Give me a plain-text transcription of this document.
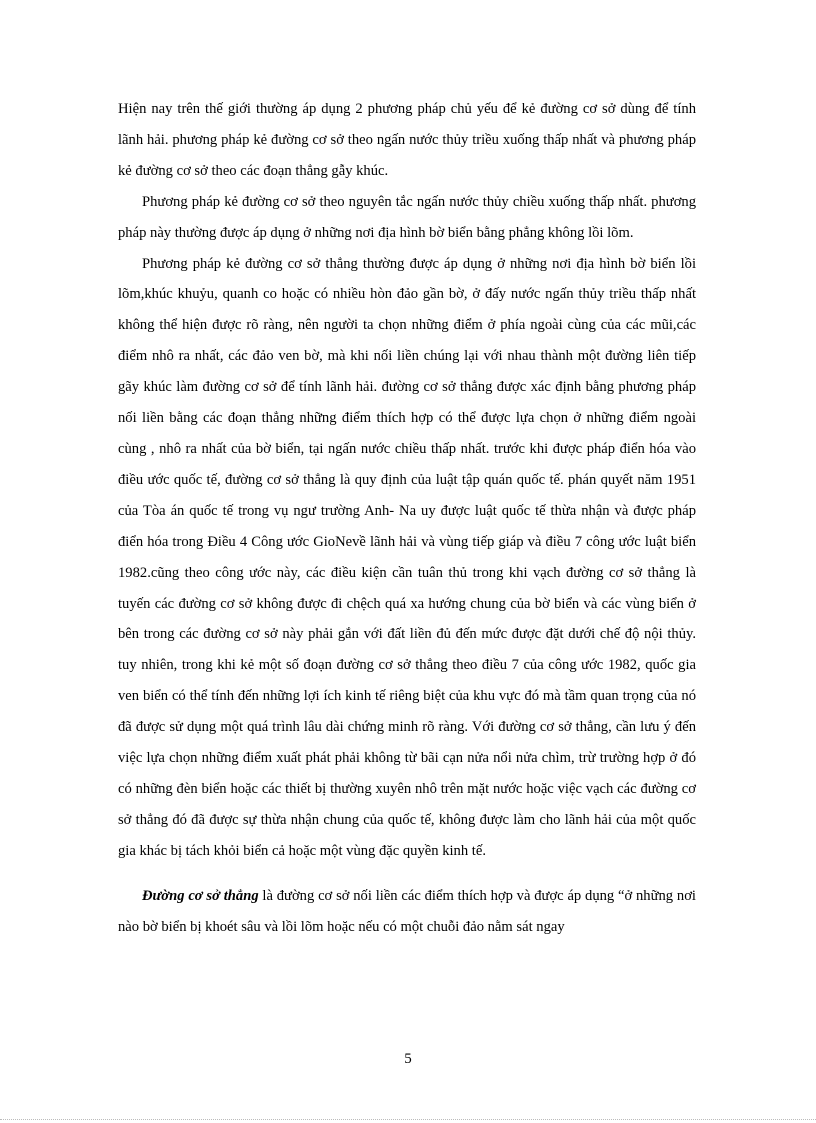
Hiện nay trên thế giới thường áp dụng 2 phương pháp chủ yếu để kẻ đường cơ sở dùng để tính lãnh hải. phương pháp kẻ đường cơ sở theo ngấn nước thủy triều xuống thấp nhất và phương pháp kẻ đường cơ sở theo các đoạn thẳng gẫy khúc.

Phương pháp kẻ đường cơ sở theo nguyên tắc ngấn nước thủy chiều xuống thấp nhất. phương pháp này thường được áp dụng ở những nơi địa hình bờ biển bằng phẳng không lồi lõm.

Phương pháp kẻ đường cơ sở thẳng thường được áp dụng ở những nơi địa hình bờ biển lồi lõm,khúc khuỷu, quanh co hoặc có nhiều hòn đảo gần bờ, ở đấy nước ngấn thủy triều thấp nhất không thể hiện được rõ ràng, nên người ta chọn những điểm ở phía ngoài cùng của các mũi,các điểm nhô ra nhất, các đảo ven bờ, mà khi nối liền chúng lại với nhau thành một đường liên tiếp gãy khúc làm đường cơ sở để tính lãnh hải. đường cơ sở thẳng được xác định bằng phương pháp nối liền bằng các đoạn thẳng những điểm thích hợp có thể được lựa chọn ở những điểm ngoài cùng , nhô ra nhất của bờ biển, tại ngấn nước chiều thấp nhất. trước khi được pháp điển hóa vào điều ước quốc tế, đường cơ sở thẳng là quy định của luật tập quán quốc tế. phán quyết năm 1951 của Tòa án quốc tế trong vụ ngư trường Anh- Na uy được luật quốc tế thừa nhận và được pháp điển hóa trong Điều 4 Công ước GioNevề lãnh hải và vùng tiếp giáp và điều 7 công ước luật biển 1982.cũng theo công ước này, các điều kiện cần tuân thủ trong khi vạch đường cơ sở thẳng là tuyến các đường cơ sở không được đi chệch quá xa hướng chung của bờ biển và các vùng biển ở bên trong các đường cơ sở này phải gắn với đất liền đủ đến mức được đặt dưới chế độ nội thủy. tuy nhiên, trong khi kẻ một số đoạn đường cơ sở thẳng theo điều 7 của công ước 1982, quốc gia ven biển có thể tính đến những lợi ích kinh tế riêng biệt của khu vực đó mà tầm quan trọng của nó đã được sử dụng một quá trình lâu dài chứng minh rõ ràng. Với đường cơ sở thẳng, cần lưu ý đến việc lựa chọn những điểm xuất phát phải không từ bãi cạn nửa nổi nửa chìm, trừ trường hợp ở đó có những đèn biển hoặc các thiết bị thường xuyên nhô trên mặt nước hoặc việc vạch các đường cơ sở thẳng đó đã được sự thừa nhận chung của quốc tế, không được làm cho lãnh hải của một quốc gia khác bị tách khỏi biển cả hoặc một vùng đặc quyền kinh tế.

Đường cơ sở thẳng là đường cơ sở nối liền các điểm thích hợp và được áp dụng “ở những nơi nào bờ biển bị khoét sâu và lồi lõm hoặc nếu có một chuỗi đảo nằm sát ngay

5
